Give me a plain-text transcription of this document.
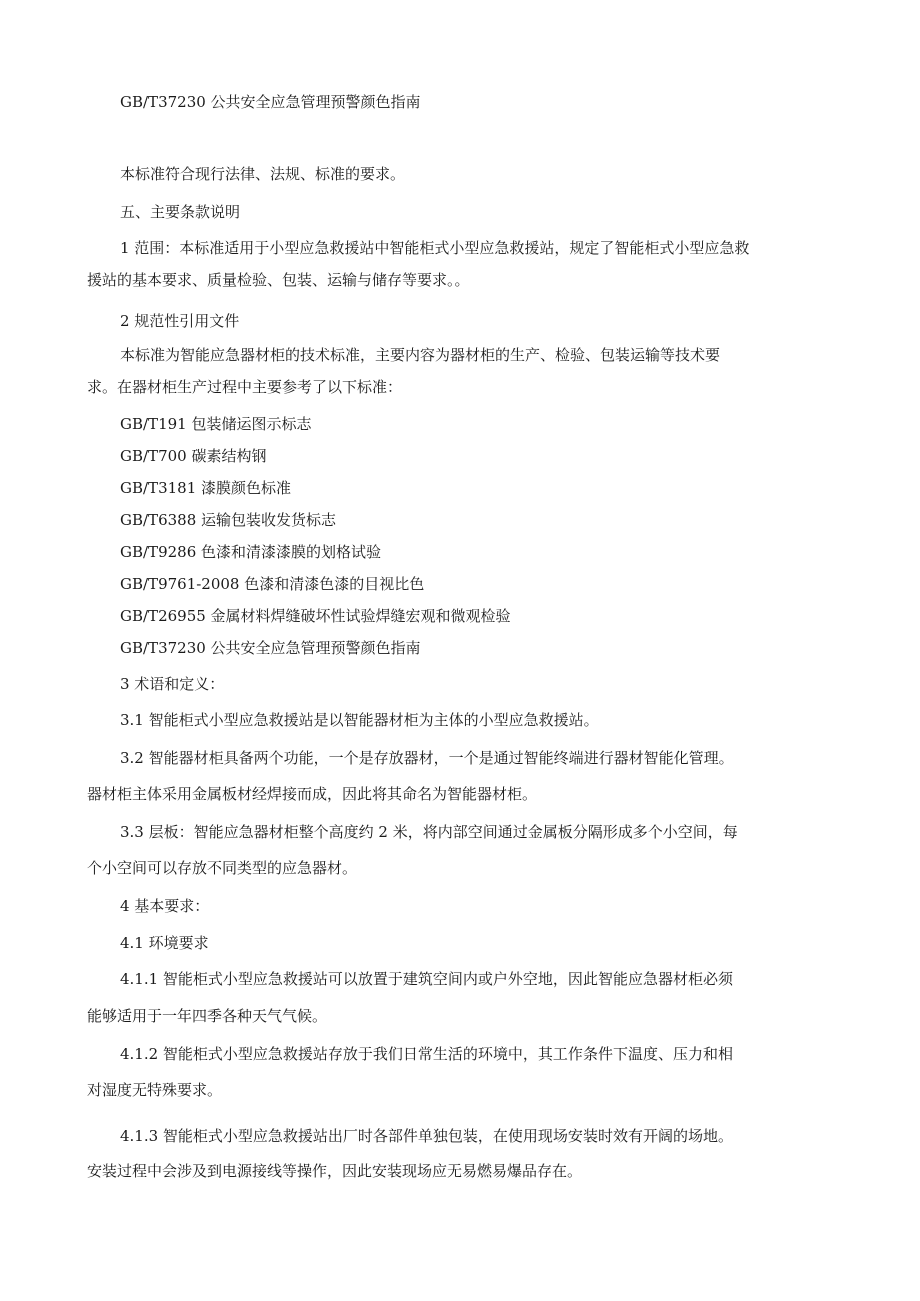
GB/T37230 公共安全应急管理预警颜色指南

本标准符合现行法律、法规、标准的要求。

五、主要条款说明

1 范围：本标准适用于小型应急救援站中智能柜式小型应急救援站，规定了智能柜式小型应急救

援站的基本要求、质量检验、包装、运输与储存等要求。。

2 规范性引用文件

本标准为智能应急器材柜的技术标准，主要内容为器材柜的生产、检验、包装运输等技术要

求。在器材柜生产过程中主要参考了以下标准：

GB/T191 包装储运图示标志

GB/T700 碳素结构钢

GB/T3181 漆膜颜色标准

GB/T6388 运输包装收发货标志

GB/T9286 色漆和清漆漆膜的划格试验

GB/T9761-2008 色漆和清漆色漆的目视比色

GB/T26955 金属材料焊缝破坏性试验焊缝宏观和微观检验

GB/T37230 公共安全应急管理预警颜色指南

3 术语和定义：

3.1 智能柜式小型应急救援站是以智能器材柜为主体的小型应急救援站。

3.2 智能器材柜具备两个功能，一个是存放器材，一个是通过智能终端进行器材智能化管理。

器材柜主体采用金属板材经焊接而成，因此将其命名为智能器材柜。

3.3 层板：智能应急器材柜整个高度约 2 米，将内部空间通过金属板分隔形成多个小空间，每

个小空间可以存放不同类型的应急器材。

4 基本要求：

4.1 环境要求

4.1.1 智能柜式小型应急救援站可以放置于建筑空间内或户外空地，因此智能应急器材柜必须

能够适用于一年四季各种天气气候。

4.1.2 智能柜式小型应急救援站存放于我们日常生活的环境中，其工作条件下温度、压力和相

对湿度无特殊要求。

4.1.3 智能柜式小型应急救援站出厂时各部件单独包装，在使用现场安装时效有开阔的场地。

安装过程中会涉及到电源接线等操作，因此安装现场应无易燃易爆品存在。
